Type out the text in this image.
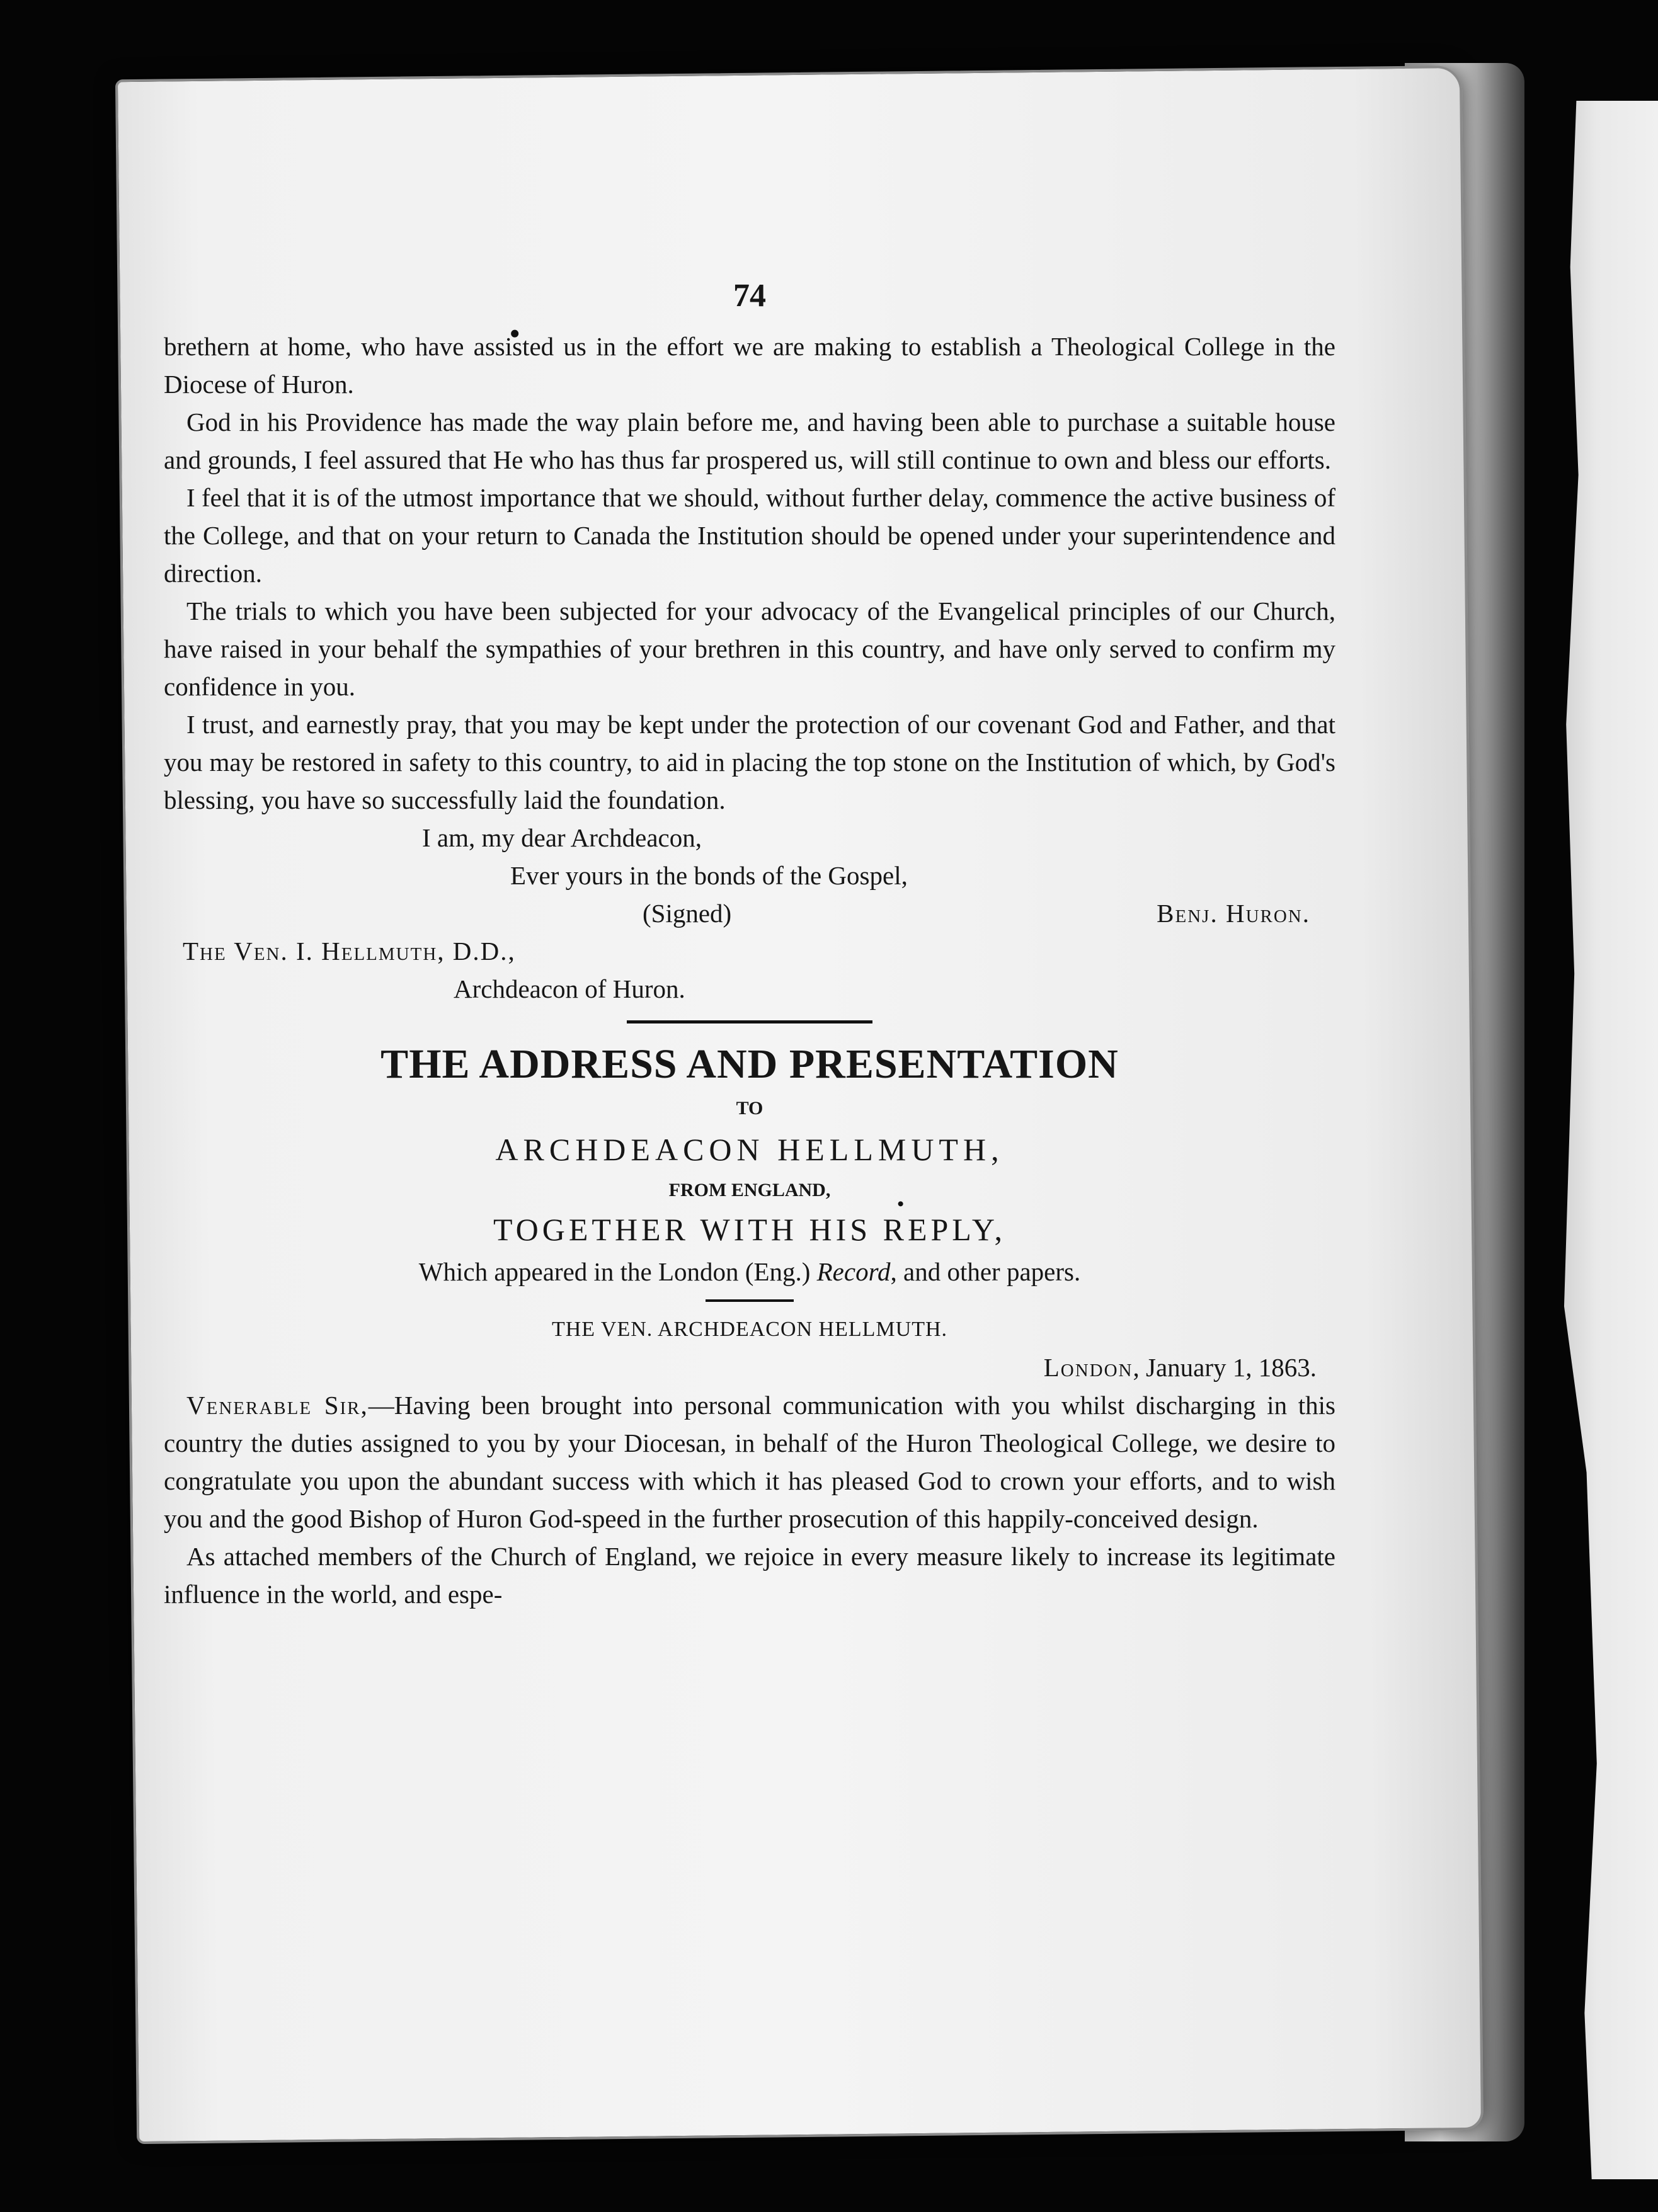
74

brethern at home, who have assisted us in the effort we are making to establish a Theological College in the Diocese of Huron.

God in his Providence has made the way plain before me, and having been able to purchase a suitable house and grounds, I feel assured that He who has thus far prospered us, will still continue to own and bless our efforts.

I feel that it is of the utmost importance that we should, without further delay, commence the active business of the College, and that on your return to Canada the Institution should be opened under your superintendence and direction.

The trials to which you have been subjected for your advocacy of the Evangelical principles of our Church, have raised in your behalf the sympathies of your brethren in this country, and have only served to confirm my confidence in you.

I trust, and earnestly pray, that you may be kept under the protection of our covenant God and Father, and that you may be restored in safety to this country, to aid in placing the top stone on the Institution of which, by God's blessing, you have so successfully laid the foundation.

I am, my dear Archdeacon,
Ever yours in the bonds of the Gospel,
(Signed)	Benj. Huron.
The Ven. I. Hellmuth, D.D.,
Archdeacon of Huron.
THE ADDRESS AND PRESENTATION
TO
ARCHDEACON HELLMUTH,
FROM ENGLAND,
TOGETHER WITH HIS REPLY,
Which appeared in the London (Eng.) Record, and other papers.
THE VEN. ARCHDEACON HELLMUTH.
London, January 1, 1863.

Venerable Sir,—Having been brought into personal communication with you whilst discharging in this country the duties assigned to you by your Diocesan, in behalf of the Huron Theological College, we desire to congratulate you upon the abundant success with which it has pleased God to crown your efforts, and to wish you and the good Bishop of Huron God-speed in the further prosecution of this happily-conceived design.

As attached members of the Church of England, we rejoice in every measure likely to increase its legitimate influence in the world, and espe-
